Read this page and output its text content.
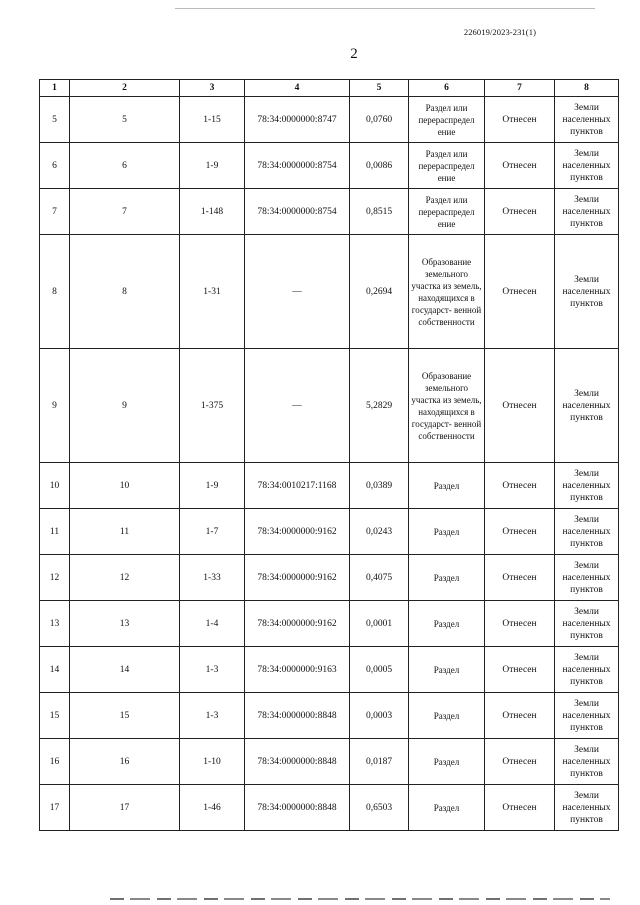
226019/2023-231(1)
2
1	2	3	4	5	6	7	8
5	5	1-15	78:34:0000000:8747	0,0760	Раздел или перераспредел ение	Отнесен	Земли населенных пунктов
6	6	1-9	78:34:0000000:8754	0,0086	Раздел или перераспредел ение	Отнесен	Земли населенных пунктов
7	7	1-148	78:34:0000000:8754	0,8515	Раздел или перераспредел ение	Отнесен	Земли населенных пунктов
8	8	1-31	—	0,2694	Образование земельного участка из земель, находящихся в государст- венной собственности	Отнесен	Земли населенных пунктов
9	9	1-375	—	5,2829	Образование земельного участка из земель, находящихся в государст- венной собственности	Отнесен	Земли населенных пунктов
10	10	1-9	78:34:0010217:1168	0,0389	Раздел	Отнесен	Земли населенных пунктов
11	11	1-7	78:34:0000000:9162	0,0243	Раздел	Отнесен	Земли населенных пунктов
12	12	1-33	78:34:0000000:9162	0,4075	Раздел	Отнесен	Земли населенных пунктов
13	13	1-4	78:34:0000000:9162	0,0001	Раздел	Отнесен	Земли населенных пунктов
14	14	1-3	78:34:0000000:9163	0,0005	Раздел	Отнесен	Земли населенных пунктов
15	15	1-3	78:34:0000000:8848	0,0003	Раздел	Отнесен	Земли населенных пунктов
16	16	1-10	78:34:0000000:8848	0,0187	Раздел	Отнесен	Земли населенных пунктов
17	17	1-46	78:34:0000000:8848	0,6503	Раздел	Отнесен	Земли населенных пунктов
